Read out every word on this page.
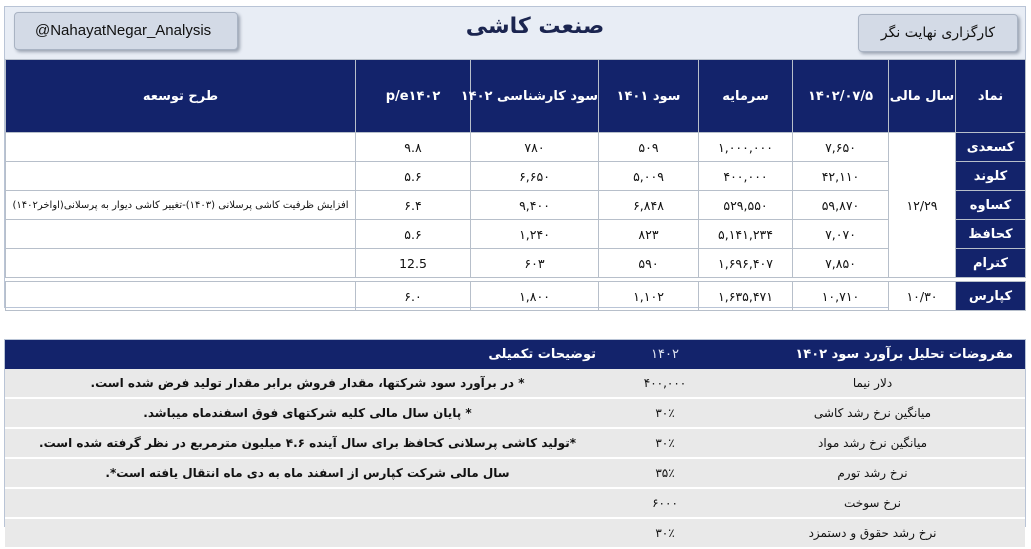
@NahayatNegar_Analysis	صنعت کاشی	کارگزاری نهایت نگر
نماد	سال مالی	۱۴۰۲/۰۷/۵	سرمایه	سود ۱۴۰۱	سود کارشناسی ۱۴۰۲	p/e۱۴۰۲	طرح توسعه
کسعدی	۱۲/۲۹	۷,۶۵۰	۱,۰۰۰,۰۰۰	۵۰۹	۷۸۰	۹.۸	
کلوند		۴۲,۱۱۰	۴۰۰,۰۰۰	۵,۰۰۹	۶,۶۵۰	۵.۶	
کساوه		۵۹,۸۷۰	۵۲۹,۵۵۰	۶,۸۴۸	۹,۴۰۰	۶.۴	افزایش ظرفیت کاشی پرسلانی (۱۴۰۳)-تغییر کاشی دیوار به پرسلانی(اواخر۱۴۰۲)
کحافظ		۷,۰۷۰	۵,۱۴۱,۲۳۴	۸۲۳	۱,۲۴۰	۵.۶	
کترام		۷,۸۵۰	۱,۶۹۶,۴۰۷	۵۹۰	۶۰۳	12.5	

کپارس	۱۰/۳۰	۱۰,۷۱۰	۱,۶۳۵,۴۷۱	۱,۱۰۲	۱,۸۰۰	۶.۰	
مفروضات تحلیل برآورد سود ۱۴۰۲	۱۴۰۲	توضیحات تکمیلی
دلار نیما	۴۰۰,۰۰۰	* در برآورد سود شرکتها، مقدار فروش برابر مقدار تولید فرض شده است.
میانگین نرخ رشد کاشی	۳۰٪	* پایان سال مالی کلیه شرکتهای فوق اسفندماه میباشد.
میانگین نرخ رشد مواد	۳۰٪	*تولید کاشی پرسلانی کحافظ برای سال آینده ۴.۶ میلیون مترمربع در نظر گرفته شده است.
نرخ رشد تورم	۳۵٪	سال مالی شرکت کپارس از اسفند ماه به دی ماه انتقال یافته است*.
نرخ سوخت	۶۰۰۰	
نرخ رشد حقوق و دستمزد	۳۰٪	
